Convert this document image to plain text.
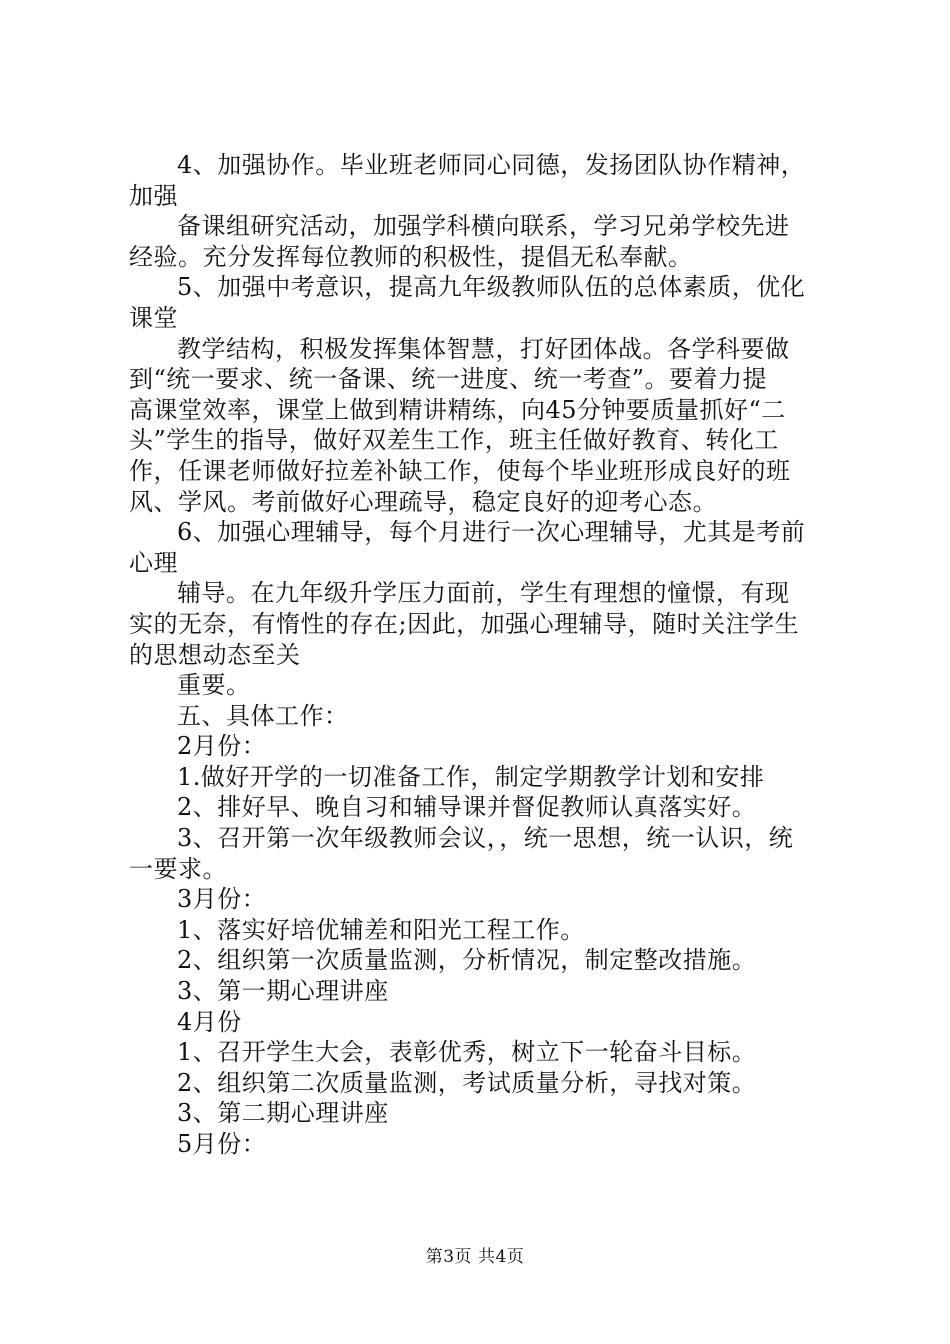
4、加强协作。毕业班老师同心同德，发扬团队协作精神，
加强
备课组研究活动，加强学科横向联系，学习兄弟学校先进
经验。充分发挥每位教师的积极性，提倡无私奉献。
5、加强中考意识，提高九年级教师队伍的总体素质，优化
课堂
教学结构，积极发挥集体智慧，打好团体战。各学科要做
到“统一要求、统一备课、统一进度、统一考查”。要着力提
高课堂效率，课堂上做到精讲精练，向45分钟要质量抓好“二
头”学生的指导，做好双差生工作，班主任做好教育、转化工
作，任课老师做好拉差补缺工作，使每个毕业班形成良好的班
风、学风。考前做好心理疏导，稳定良好的迎考心态。
6、加强心理辅导，每个月进行一次心理辅导，尤其是考前
心理
辅导。在九年级升学压力面前，学生有理想的憧憬，有现
实的无奈，有惰性的存在;因此，加强心理辅导，随时关注学生
的思想动态至关
重要。
五、具体工作：
2月份：
1.做好开学的一切准备工作，制定学期教学计划和安排
2、排好早、晚自习和辅导课并督促教师认真落实好。
3、召开第一次年级教师会议，，统一思想，统一认识，统
一要求。
3月份：
1、落实好培优辅差和阳光工程工作。
2、组织第一次质量监测，分析情况，制定整改措施。
3、第一期心理讲座
4月份
1、召开学生大会，表彰优秀，树立下一轮奋斗目标。
2、组织第二次质量监测，考试质量分析，寻找对策。
3、第二期心理讲座
5月份：
第3页 共4页
